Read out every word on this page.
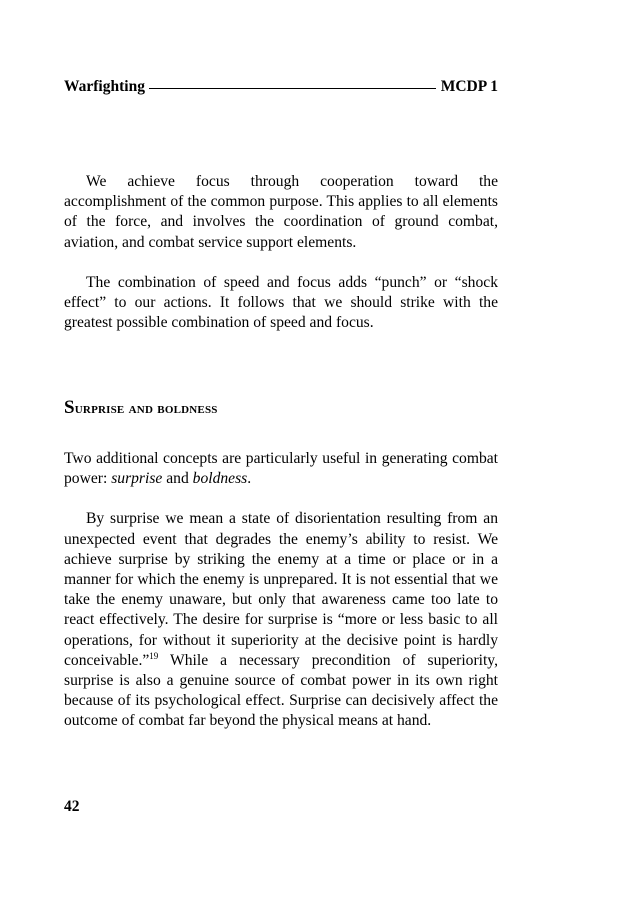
Warfighting	MCDP 1

We achieve focus through cooperation toward the accomplishment of the common purpose. This applies to all elements of the force, and involves the coordination of ground combat, aviation, and combat service support elements.

The combination of speed and focus adds “punch” or “shock effect” to our actions. It follows that we should strike with the greatest possible combination of speed and focus.

Surprise and boldness

Two additional concepts are particularly useful in generating combat power: surprise and boldness.

By surprise we mean a state of disorientation resulting from an unexpected event that degrades the enemy’s ability to resist. We achieve surprise by striking the enemy at a time or place or in a manner for which the enemy is unprepared. It is not essential that we take the enemy unaware, but only that awareness came too late to react effectively. The desire for surprise is “more or less basic to all operations, for without it superiority at the decisive point is hardly conceivable.”$^{19}$ While a necessary precondition of superiority, surprise is also a genuine source of combat power in its own right because of its psychological effect. Surprise can decisively affect the outcome of combat far beyond the physical means at hand.

42
